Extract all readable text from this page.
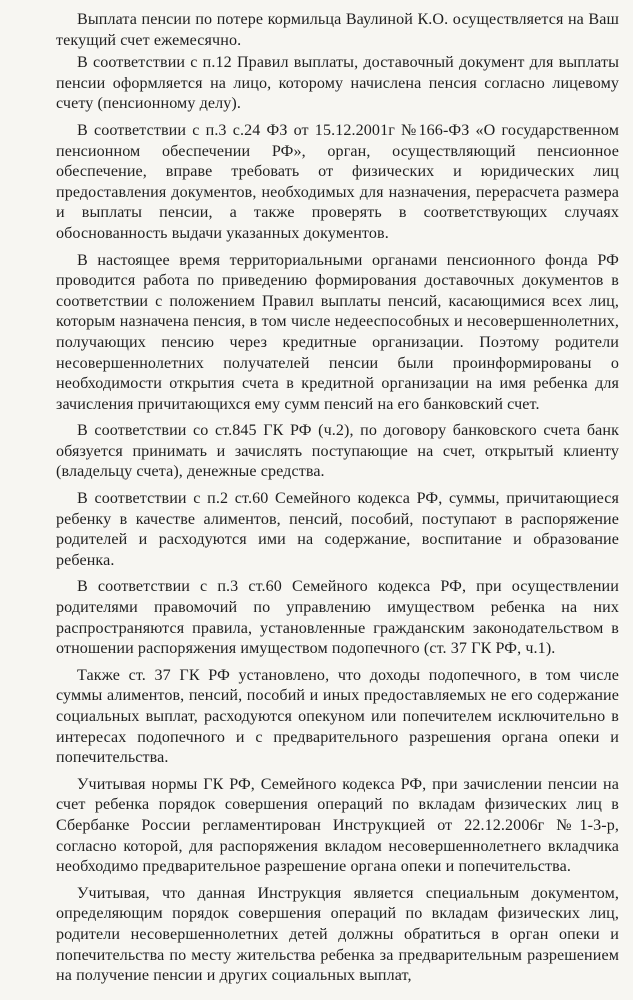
Выплата пенсии по потере кормильца Ваулиной К.О. осуществляется на Ваш текущий счет ежемесячно.

В соответствии с п.12 Правил выплаты, доставочный документ для выплаты пенсии оформляется на лицо, которому начислена пенсия согласно лицевому счету (пенсионному делу).

В соответствии с п.3 с.24 ФЗ от 15.12.2001г №166-ФЗ «О государственном пенсионном обеспечении РФ», орган, осуществляющий пенсионное обеспечение, вправе требовать от физических и юридических лиц предоставления документов, необходимых для назначения, перерасчета размера и выплаты пенсии, а также проверять в соответствующих случаях обоснованность выдачи указанных документов.

В настоящее время территориальными органами пенсионного фонда РФ проводится работа по приведению формирования доставочных документов в соответствии с положением Правил выплаты пенсий, касающимися всех лиц, которым назначена пенсия, в том числе недееспособных и несовершеннолетних, получающих пенсию через кредитные организации. Поэтому родители несовершеннолетних получателей пенсии были проинформированы о необходимости открытия счета в кредитной организации на имя ребенка для зачисления причитающихся ему сумм пенсий на его банковский счет.

В соответствии со ст.845 ГК РФ (ч.2), по договору банковского счета банк обязуется принимать и зачислять поступающие на счет, открытый клиенту (владельцу счета), денежные средства.

В соответствии с п.2 ст.60 Семейного кодекса РФ, суммы, причитающиеся ребенку в качестве алиментов, пенсий, пособий, поступают в распоряжение родителей и расходуются ими на содержание, воспитание и образование ребенка.

В соответствии с п.3 ст.60 Семейного кодекса РФ, при осуществлении родителями правомочий по управлению имуществом ребенка на них распространяются правила, установленные гражданским законодательством в отношении распоряжения имуществом подопечного (ст. 37 ГК РФ, ч.1).

Также ст. 37 ГК РФ установлено, что доходы подопечного, в том числе суммы алиментов, пенсий, пособий и иных предоставляемых не его содержание социальных выплат, расходуются опекуном или попечителем исключительно в интересах подопечного и с предварительного разрешения органа опеки и попечительства.

Учитывая нормы ГК РФ, Семейного кодекса РФ, при зачислении пенсии на счет ребенка порядок совершения операций по вкладам физических лиц в Сбербанке России регламентирован Инструкцией от 22.12.2006г №1-3-р, согласно которой, для распоряжения вкладом несовершеннолетнего вкладчика необходимо предварительное разрешение органа опеки и попечительства.

Учитывая, что данная Инструкция является специальным документом, определяющим порядок совершения операций по вкладам физических лиц, родители несовершеннолетних детей должны обратиться в орган опеки и попечительства по месту жительства ребенка за предварительным разрешением на получение пенсии и других социальных выплат,
